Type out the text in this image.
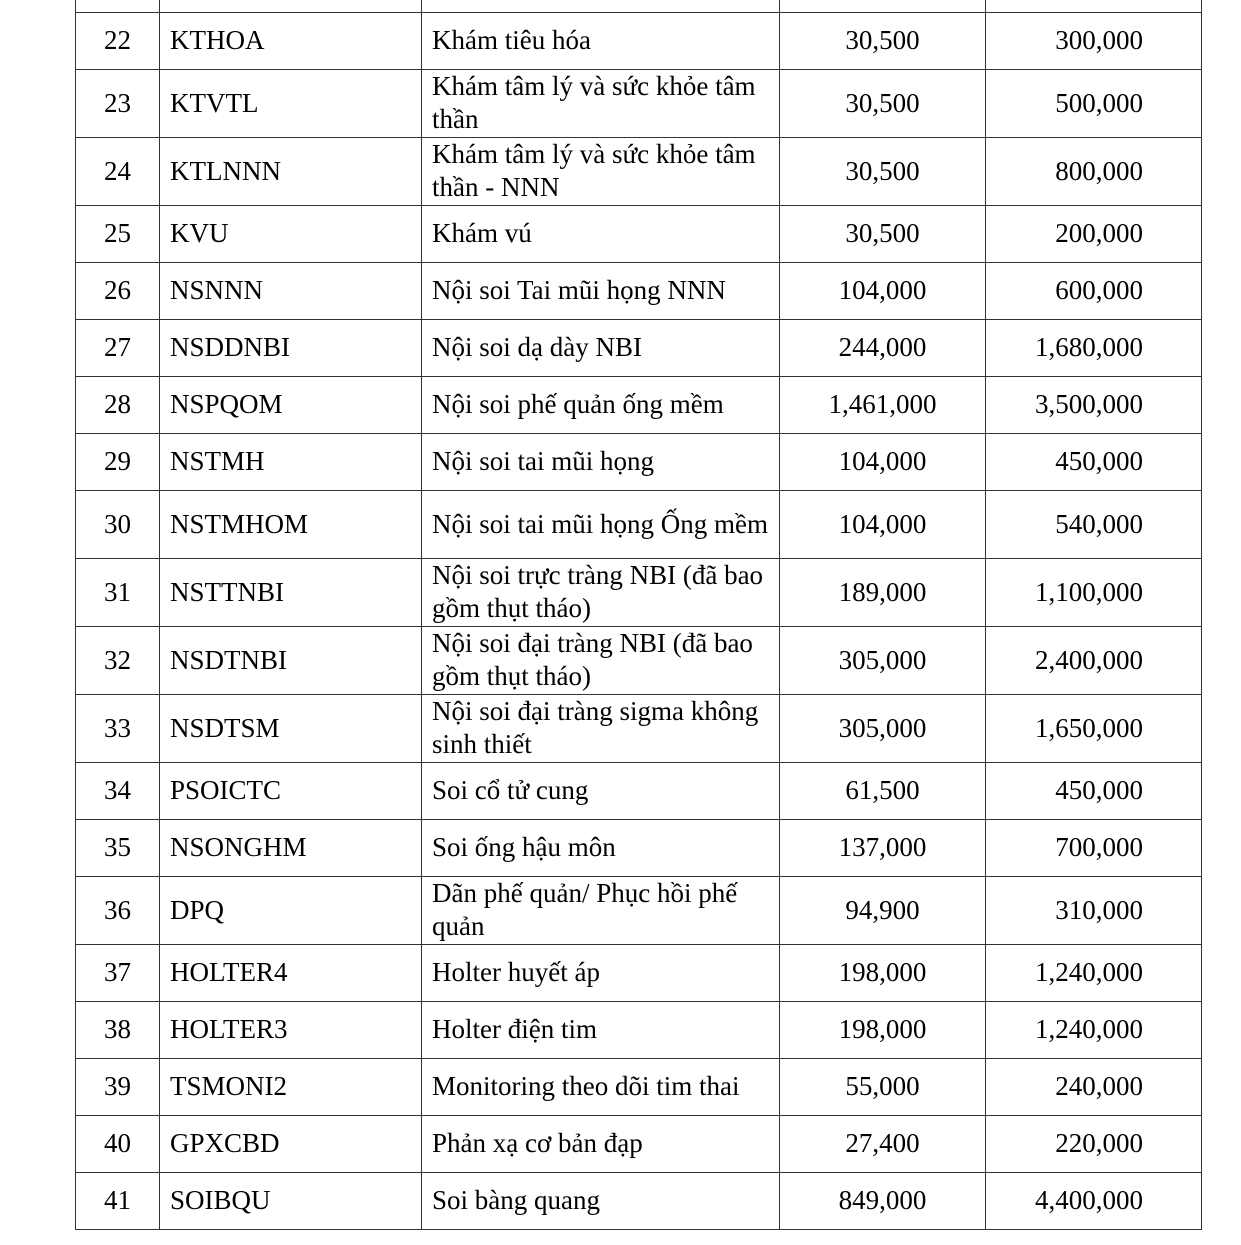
22	KTHOA	Khám tiêu hóa	30,500	300,000
23	KTVTL	Khám tâm lý và sức khỏe tâm thần	30,500	500,000
24	KTLNNN	Khám tâm lý và sức khỏe tâm thần - NNN	30,500	800,000
25	KVU	Khám vú	30,500	200,000
26	NSNNN	Nội soi Tai mũi họng NNN	104,000	600,000
27	NSDDNBI	Nội soi dạ dày NBI	244,000	1,680,000
28	NSPQOM	Nội soi phế quản ống mềm	1,461,000	3,500,000
29	NSTMH	Nội soi tai mũi họng	104,000	450,000
30	NSTMHOM	Nội soi tai mũi họng Ống mềm	104,000	540,000
31	NSTTNBI	Nội soi trực tràng NBI (đã bao gồm thụt tháo)	189,000	1,100,000
32	NSDTNBI	Nội soi đại tràng NBI (đã bao gồm thụt tháo)	305,000	2,400,000
33	NSDTSM	Nội soi đại tràng sigma không sinh thiết	305,000	1,650,000
34	PSOICTC	Soi cổ tử cung	61,500	450,000
35	NSONGHM	Soi ống hậu môn	137,000	700,000
36	DPQ	Dãn phế quản/ Phục hồi phế quản	94,900	310,000
37	HOLTER4	Holter huyết áp	198,000	1,240,000
38	HOLTER3	Holter điện tim	198,000	1,240,000
39	TSMONI2	Monitoring theo dõi tim thai	55,000	240,000
40	GPXCBD	Phản xạ cơ bản đạp	27,400	220,000
41	SOIBQU	Soi bàng quang	849,000	4,400,000
